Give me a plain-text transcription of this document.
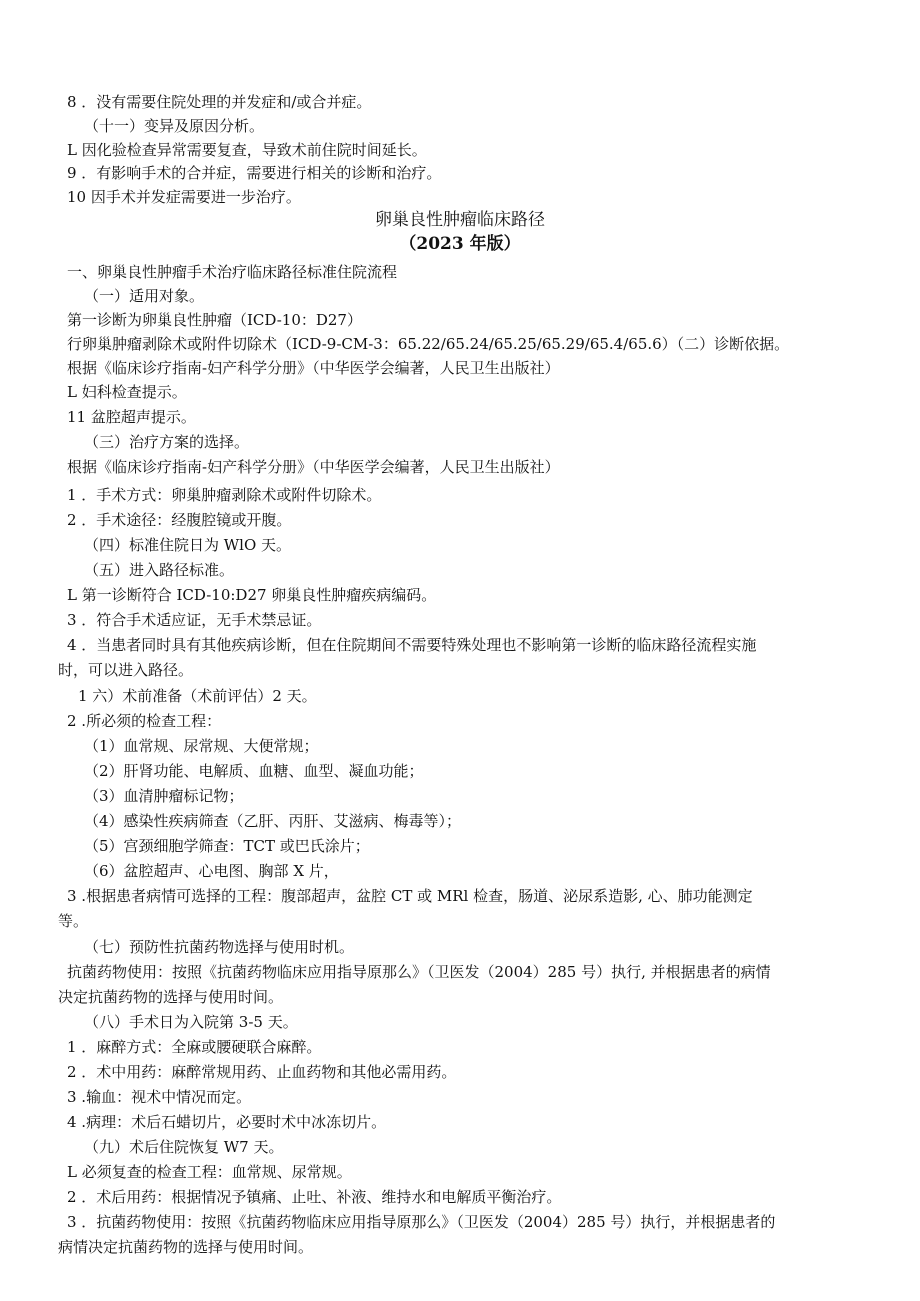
8 ．没有需要住院处理的并发症和/或合并症。
（十一）变异及原因分析。
L 因化验检查异常需要复查，导致术前住院时间延长。
9 ．有影响手术的合并症，需要进行相关的诊断和治疗。
10 因手术并发症需要进一步治疗。
卵巢良性肿瘤临床路径
（2023 年版）
一、卵巢良性肿瘤手术治疗临床路径标准住院流程
（一）适用对象。
第一诊断为卵巢良性肿瘤（ICD-10：D27）
行卵巢肿瘤剥除术或附件切除术（ICD-9-CM-3：65.22/65.24/65.25/65.29/65.4/65.6）（二）诊断依据。
根据《临床诊疗指南-妇产科学分册》（中华医学会编著，人民卫生出版社）
L 妇科检查提示。
11 盆腔超声提示。
（三）治疗方案的选择。
根据《临床诊疗指南-妇产科学分册》（中华医学会编著，人民卫生出版社）
1 ．手术方式：卵巢肿瘤剥除术或附件切除术。
2 ．手术途径：经腹腔镜或开腹。
（四）标准住院日为 WlO 天。
（五）进入路径标准。
L 第一诊断符合 ICD-10:D27 卵巢良性肿瘤疾病编码。
3 ．符合手术适应证，无手术禁忌证。
4 ．当患者同时具有其他疾病诊断，但在住院期间不需要特殊处理也不影响第一诊断的临床路径流程实施
时，可以进入路径。
1 六）术前准备（术前评估）2 天。
2 .所必须的检查工程：
（1）血常规、尿常规、大便常规；
（2）肝肾功能、电解质、血糖、血型、凝血功能；
（3）血清肿瘤标记物；
（4）感染性疾病筛查（乙肝、丙肝、艾滋病、梅毒等）；
（5）宫颈细胞学筛查：TCT 或巴氏涂片；
（6）盆腔超声、心电图、胸部 X 片，
3 .根据患者病情可选择的工程：腹部超声，盆腔 CT 或 MRl 检查，肠道、泌尿系造影, 心、肺功能测定
等。
（七）预防性抗菌药物选择与使用时机。
抗菌药物使用：按照《抗菌药物临床应用指导原那么》（卫医发（2004）285 号）执行, 并根据患者的病情
决定抗菌药物的选择与使用时间。
（八）手术日为入院第 3-5 天。
1 ．麻醉方式：全麻或腰硬联合麻醉。
2 ．术中用药：麻醉常规用药、止血药物和其他必需用药。
3 .输血：视术中情况而定。
4 .病理：术后石蜡切片，必要时术中冰冻切片。
（九）术后住院恢复 W7 天。
L 必须复查的检查工程：血常规、尿常规。
2 ．术后用药：根据情况予镇痛、止吐、补液、维持水和电解质平衡治疗。
3 ．抗菌药物使用：按照《抗菌药物临床应用指导原那么》（卫医发（2004）285 号）执行，并根据患者的
病情决定抗菌药物的选择与使用时间。
